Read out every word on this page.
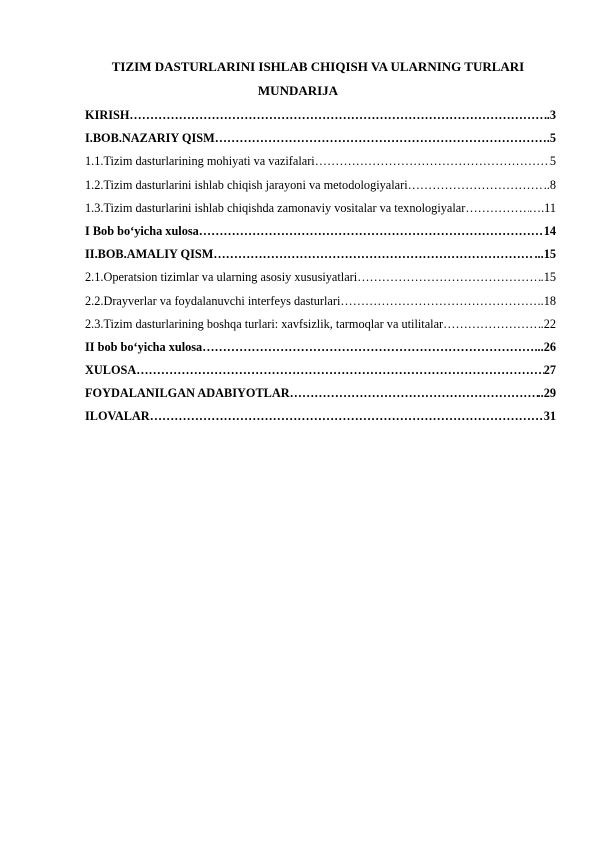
TIZIM DASTURLARINI ISHLAB CHIQISH VA ULARNING TURLARI
MUNDARIJA
KIRISH ……………………………………………………………………………………………………………………………………………………………	.3
I.BOB.NAZARIY QISM ……………………………………………………………………………………………………………………………………………………………	.5
1.1.Tizim dasturlarining mohiyati va vazifalari ……………………………………………………………………………………………………………………………………………………………	5
1.2.Tizim dasturlarini ishlab chiqish jarayoni va metodologiyalari ……………………………………………………………………………………………………………………………………………………………	..8
1.3.Tizim dasturlarini ishlab chiqishda zamonaviy vositalar va texnologiyalar ……………………………………………………………………………………………………………………………………………………………	….11
I Bob bo‘yicha xulosa ……………………………………………………………………………………………………………………………………………………………	14
II.BOB.AMALIY QISM ……………………………………………………………………………………………………………………………………………………………	...15
2.1.Operatsion tizimlar va ularning asosiy xususiyatlari ……………………………………………………………………………………………………………………………………………………………	.15
2.2.Drayverlar va foydalanuvchi interfeys dasturlari ……………………………………………………………………………………………………………………………………………………………	..18
2.3.Tizim dasturlarining boshqa turlari: xavfsizlik, tarmoqlar va utilitalar ……………………………………………………………………………………………………………………………………………………………	.22
II bob bo‘yicha xulosa ……………………………………………………………………………………………………………………………………………………………	...26
XULOSA ……………………………………………………………………………………………………………………………………………………………	27
FOYDALANILGAN ADABIYOTLAR ……………………………………………………………………………………………………………………………………………………………	..29
ILOVALAR ……………………………………………………………………………………………………………………………………………………………	31
